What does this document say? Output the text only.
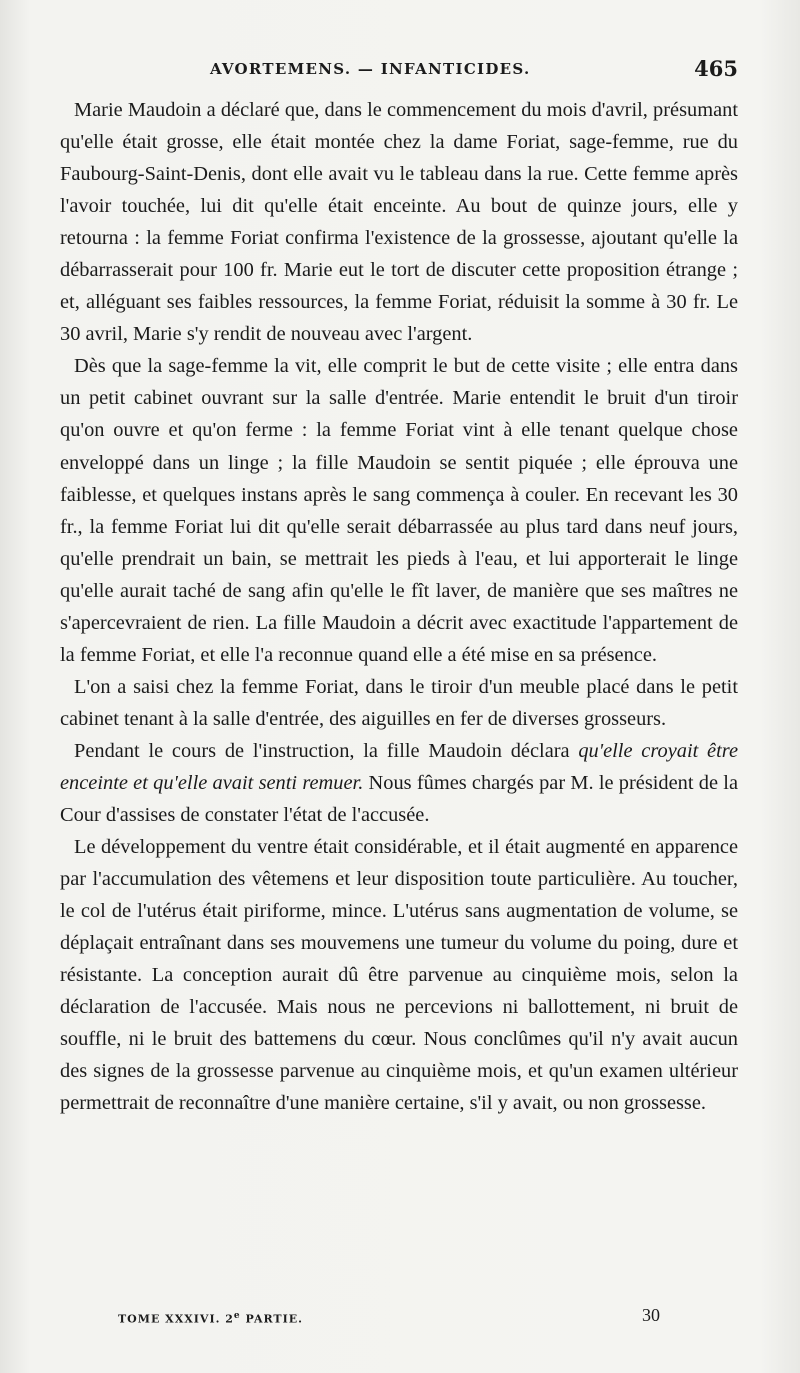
AVORTEMENS. — INFANTICIDES.	465

Marie Maudoin a déclaré que, dans le commencement du mois d'avril, présumant qu'elle était grosse, elle était montée chez la dame Foriat, sage-femme, rue du Faubourg-Saint-Denis, dont elle avait vu le tableau dans la rue. Cette femme après l'avoir touchée, lui dit qu'elle était enceinte. Au bout de quinze jours, elle y retourna : la femme Foriat confirma l'existence de la grossesse, ajoutant qu'elle la débarrasserait pour 100 fr. Marie eut le tort de discuter cette proposition étrange ; et, alléguant ses faibles ressources, la femme Foriat, réduisit la somme à 30 fr. Le 30 avril, Marie s'y rendit de nouveau avec l'argent.

Dès que la sage-femme la vit, elle comprit le but de cette visite ; elle entra dans un petit cabinet ouvrant sur la salle d'entrée. Marie entendit le bruit d'un tiroir qu'on ouvre et qu'on ferme : la femme Foriat vint à elle tenant quelque chose enveloppé dans un linge ; la fille Maudoin se sentit piquée ; elle éprouva une faiblesse, et quelques instans après le sang commença à couler. En recevant les 30 fr., la femme Foriat lui dit qu'elle serait débarrassée au plus tard dans neuf jours, qu'elle prendrait un bain, se mettrait les pieds à l'eau, et lui apporterait le linge qu'elle aurait taché de sang afin qu'elle le fît laver, de manière que ses maîtres ne s'apercevraient de rien. La fille Maudoin a décrit avec exactitude l'appartement de la femme Foriat, et elle l'a reconnue quand elle a été mise en sa présence.

L'on a saisi chez la femme Foriat, dans le tiroir d'un meuble placé dans le petit cabinet tenant à la salle d'entrée, des aiguilles en fer de diverses grosseurs.

Pendant le cours de l'instruction, la fille Maudoin déclara qu'elle croyait être enceinte et qu'elle avait senti remuer. Nous fûmes chargés par M. le président de la Cour d'assises de constater l'état de l'accusée.

Le développement du ventre était considérable, et il était augmenté en apparence par l'accumulation des vêtemens et leur disposition toute particulière. Au toucher, le col de l'utérus était piriforme, mince. L'utérus sans augmentation de volume, se déplaçait entraînant dans ses mouvemens une tumeur du volume du poing, dure et résistante. La conception aurait dû être parvenue au cinquième mois, selon la déclaration de l'accusée. Mais nous ne percevions ni ballottement, ni bruit de souffle, ni le bruit des battemens du cœur. Nous conclûmes qu'il n'y avait aucun des signes de la grossesse parvenue au cinquième mois, et qu'un examen ultérieur permettrait de reconnaître d'une manière certaine, s'il y avait, ou non grossesse.

TOME XXXIVI. 2e PARTIE.	30
